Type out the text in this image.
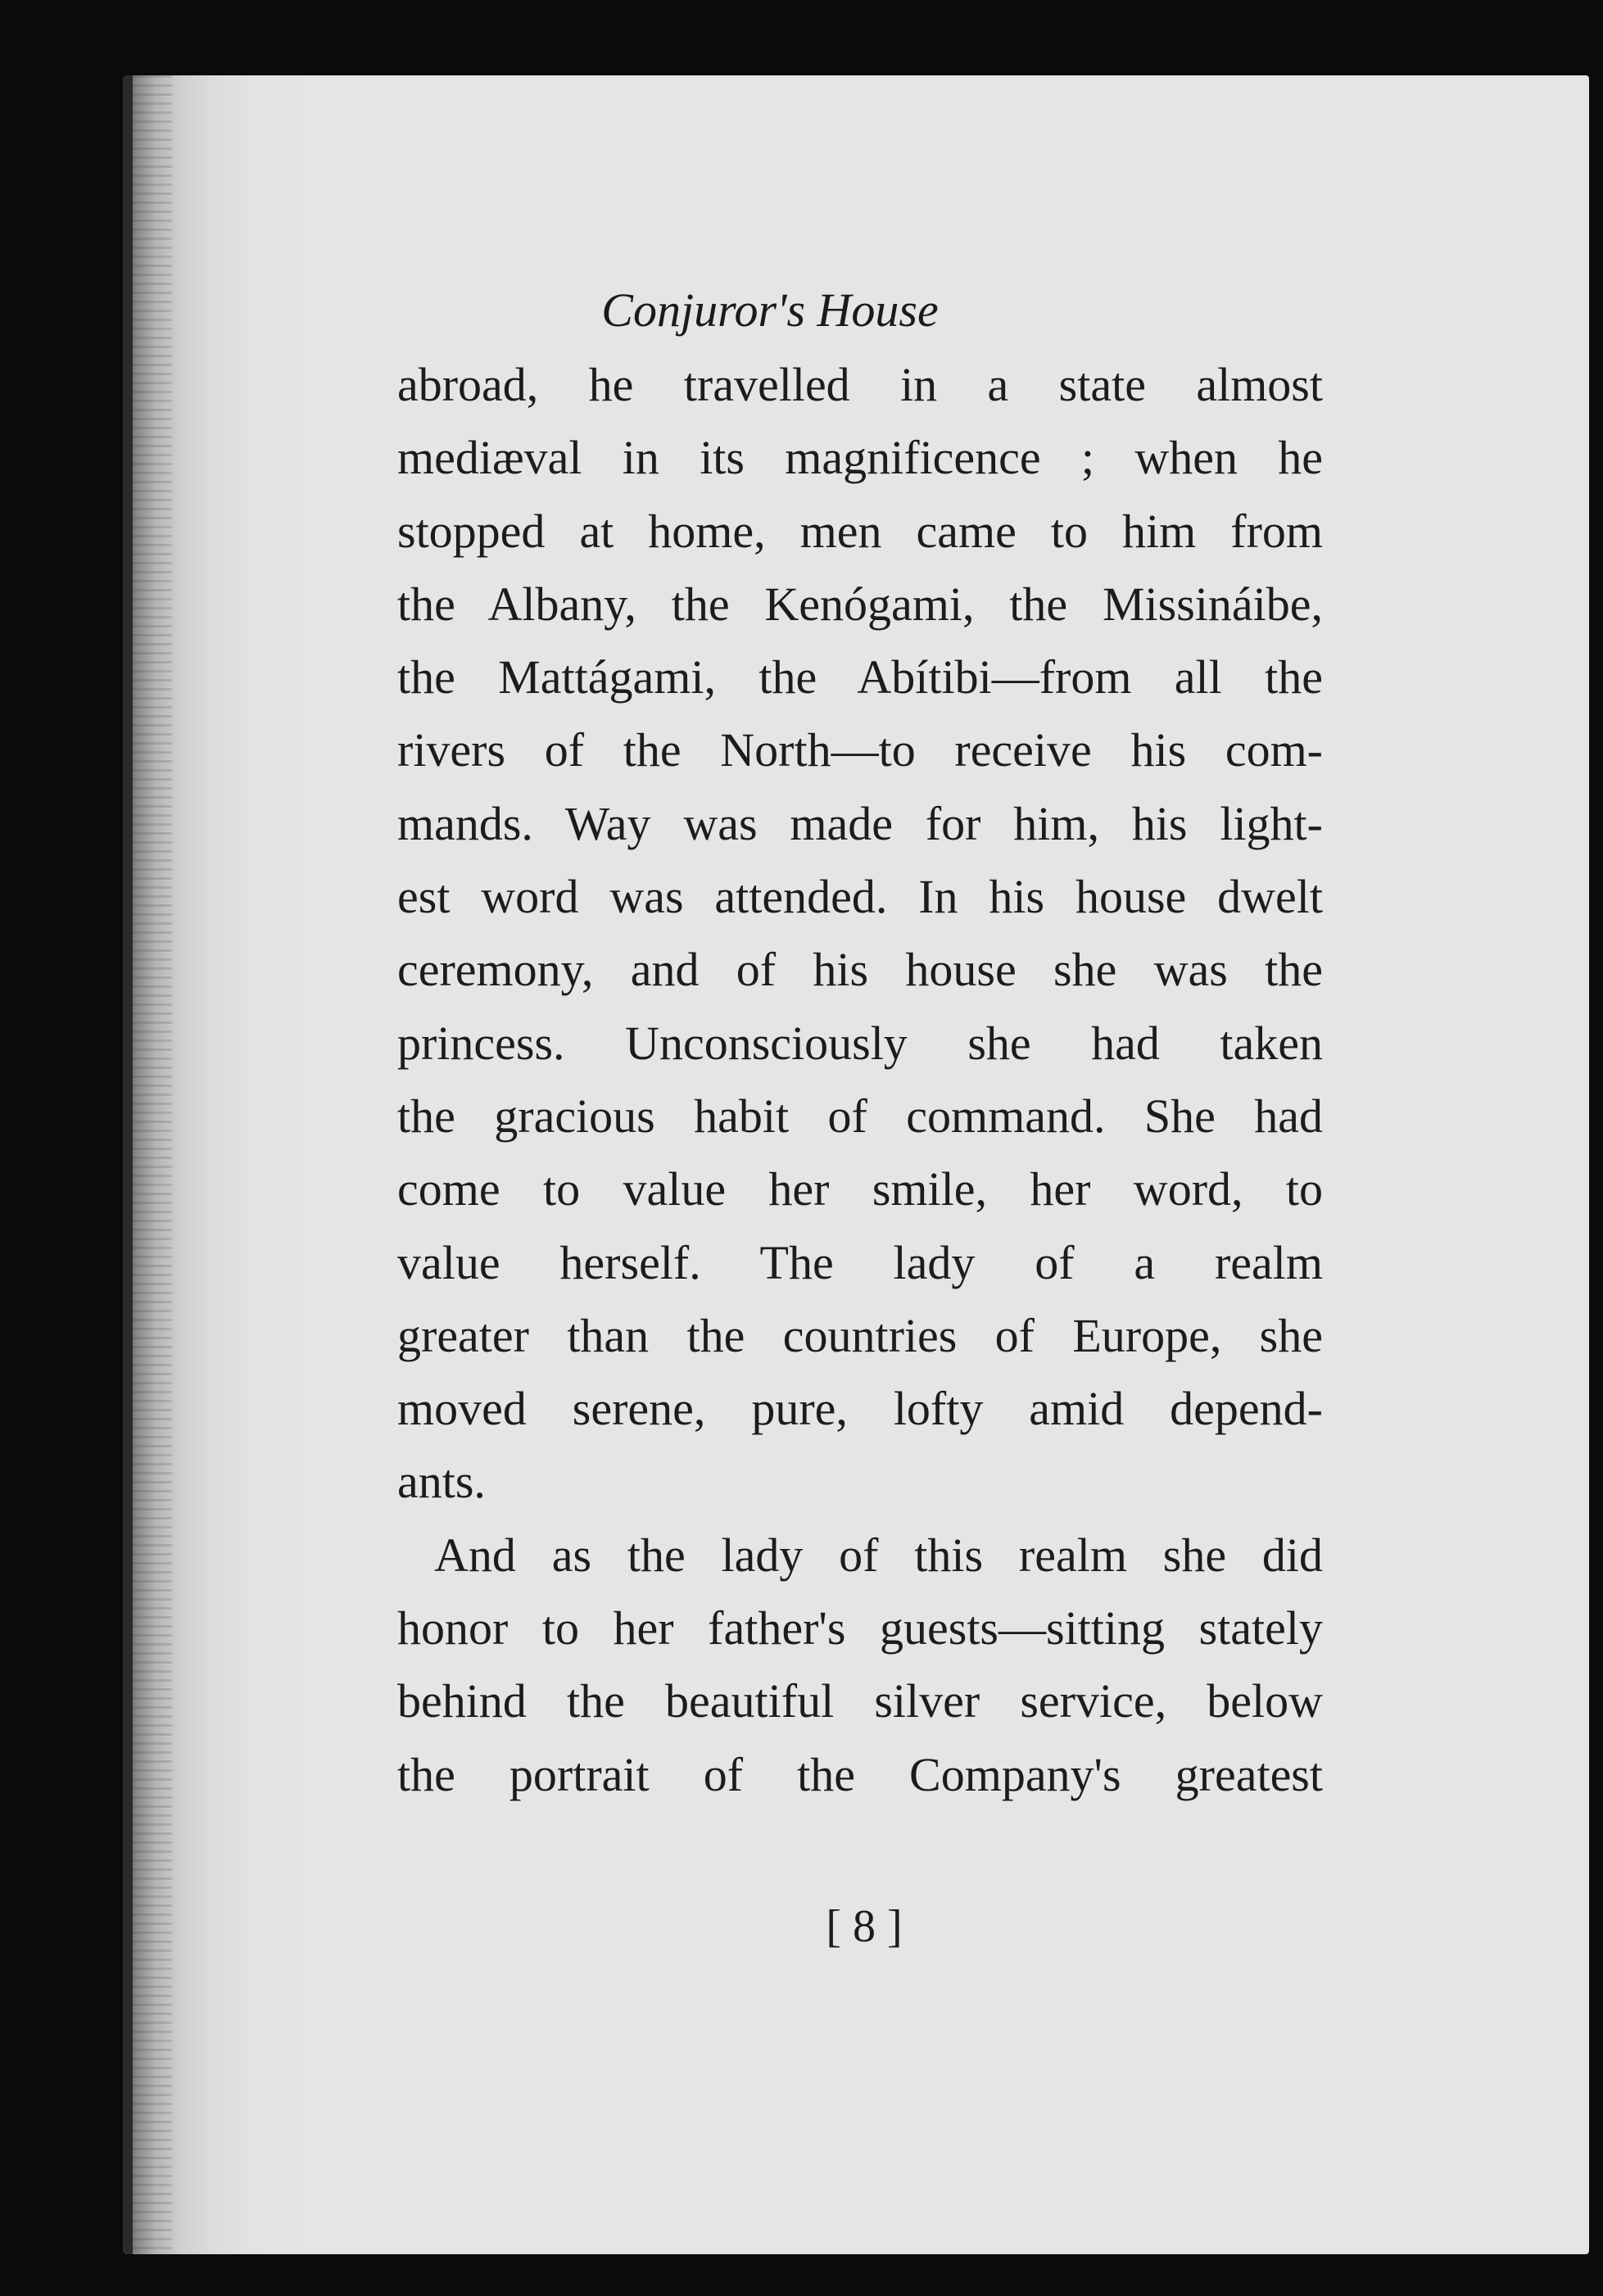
Conjuror's House

abroad, he travelled in a state almost
mediæval in its magnificence ; when he
stopped at home, men came to him from
the Albany, the Kenógami, the Missináibe,
the Mattágami, the Abítibi—from all the
rivers of the North—to receive his com-
mands. Way was made for him, his light-
est word was attended. In his house dwelt
ceremony, and of his house she was the
princess. Unconsciously she had taken
the gracious habit of command. She had
come to value her smile, her word, to
value herself. The lady of a realm
greater than the countries of Europe, she
moved serene, pure, lofty amid depend-
ants.
And as the lady of this realm she did
honor to her father's guests—sitting stately
behind the beautiful silver service, below
the portrait of the Company's greatest
[ 8 ]
